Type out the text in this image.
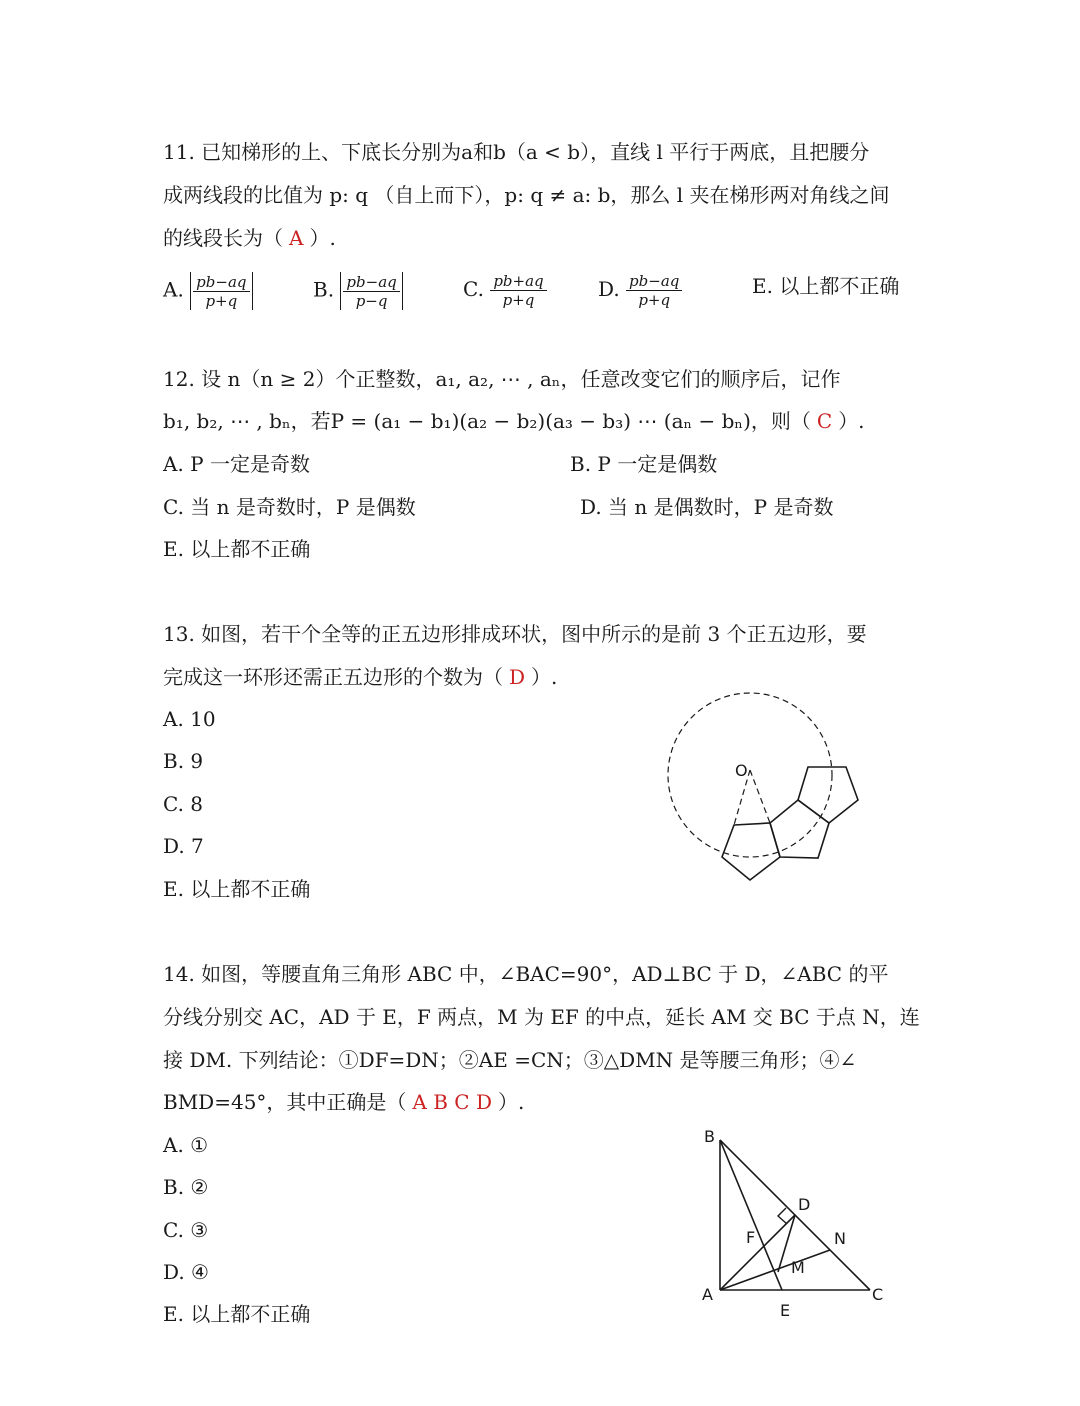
11. 已知梯形的上、下底长分别为a和b（a < b），直线 l 平行于两底，且把腰分
成两线段的比值为 p: q （自上而下），p: q ≠ a: b，那么 l 夹在梯形两对角线之间
的线段长为（ A ）.
A. $\frac{pb-aq}{p+q}$	B. $\frac{pb-aq}{p-q}$	C. $\frac{pb+aq}{p+q}$	D. $\frac{pb-aq}{p+q}$	E. 以上都不正确
12. 设 n（n ≥ 2）个正整数，a₁, a₂, ⋯ , aₙ，任意改变它们的顺序后，记作
b₁, b₂, ⋯ , bₙ，若P = (a₁ − b₁)(a₂ − b₂)(a₃ − b₃) ⋯ (aₙ − bₙ)，则（ C ）.
A. P 一定是奇数	B. P 一定是偶数
C. 当 n 是奇数时，P 是偶数	D. 当 n 是偶数时，P 是奇数
E. 以上都不正确
13. 如图，若干个全等的正五边形排成环状，图中所示的是前 3 个正五边形，要
完成这一环形还需正五边形的个数为（ D ）.
A. 10
B. 9
C. 8
D. 7
E. 以上都不正确
O
14. 如图，等腰直角三角形 ABC 中，∠BAC=90°，AD⊥BC 于 D，∠ABC 的平
分线分别交 AC，AD 于 E，F 两点，M 为 EF 的中点，延长 AM 交 BC 于点 N，连
接 DM. 下列结论：①DF=DN；②AE =CN；③△DMN 是等腰三角形；④∠
BMD=45°，其中正确是（ A B C D ）.
A. ①
B. ②
C. ③
D. ④
E. 以上都不正确
B
D
F	N
M
A	C
E
